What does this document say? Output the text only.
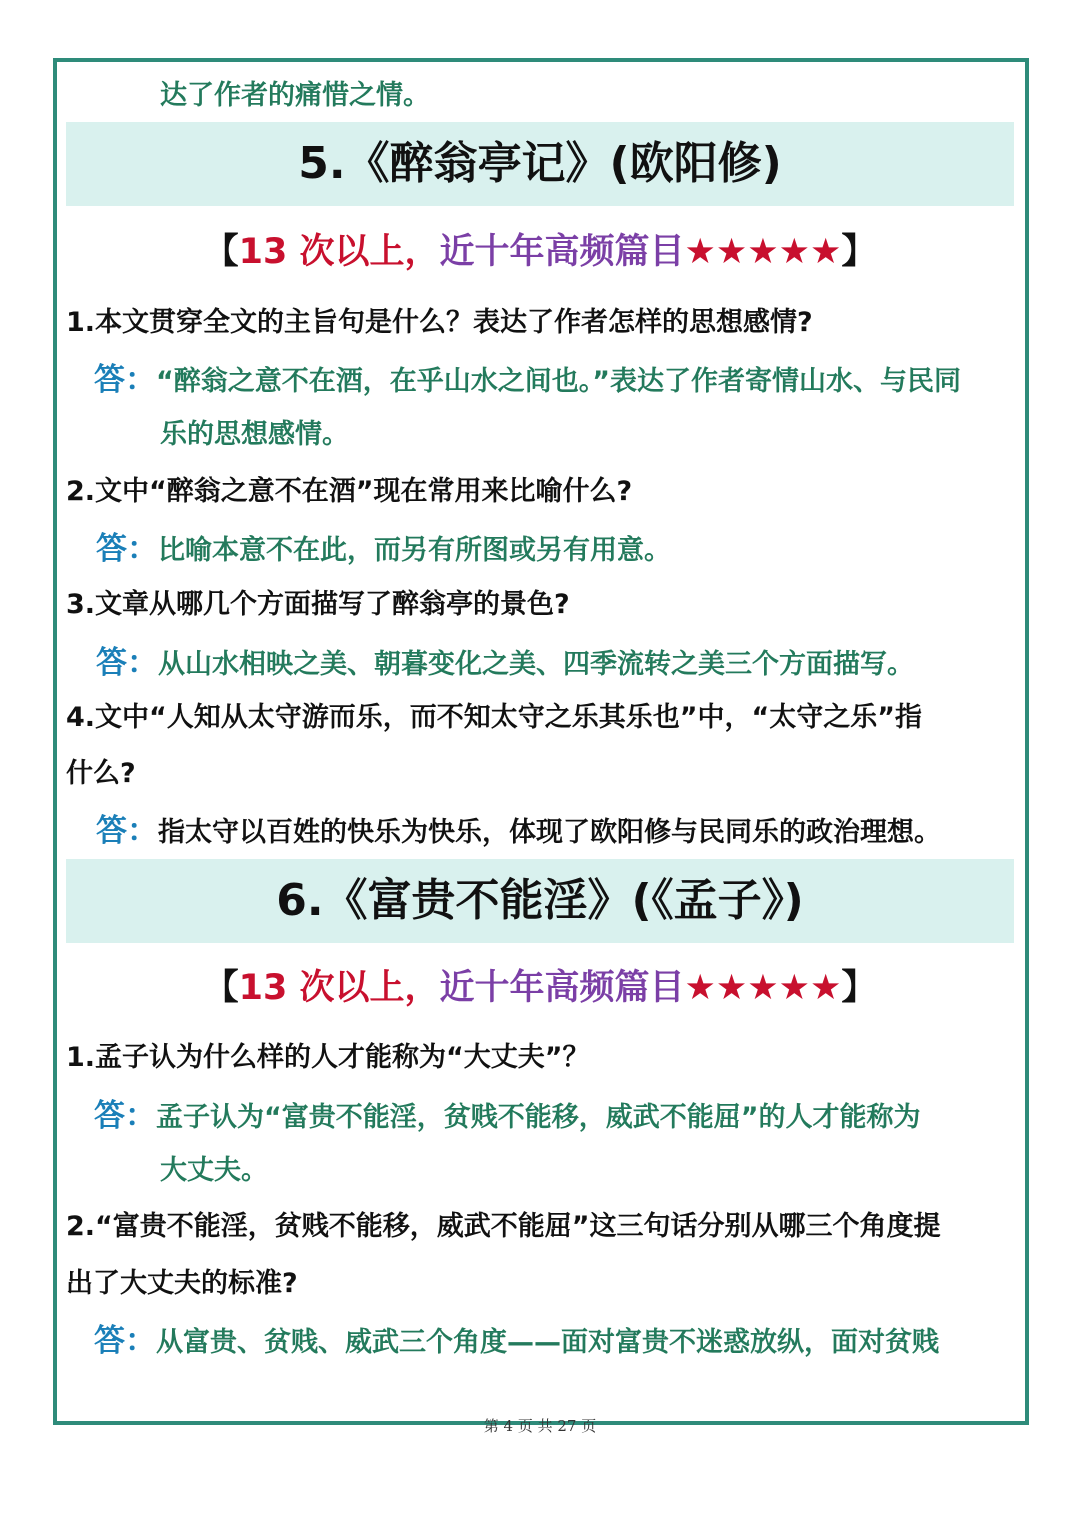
达了作者的痛惜之情。
5.《醉翁亭记》(欧阳修)
【13 次以上，近十年高频篇目★★★★★】
1.本文贯穿全文的主旨句是什么？表达了作者怎样的思想感情?
答：“醉翁之意不在酒，在乎山水之间也。”表达了作者寄情山水、与民同
乐的思想感情。
2.文中“醉翁之意不在酒”现在常用来比喻什么?
答：比喻本意不在此，而另有所图或另有用意。
3.文章从哪几个方面描写了醉翁亭的景色?
答：从山水相映之美、朝暮变化之美、四季流转之美三个方面描写。
4.文中“人知从太守游而乐，而不知太守之乐其乐也”中，“太守之乐”指
什么?
答：指太守以百姓的快乐为快乐，体现了欧阳修与民同乐的政治理想。
6.《富贵不能淫》(《孟子》)
【13 次以上，近十年高频篇目★★★★★】
1.孟子认为什么样的人才能称为“大丈夫”？
答：孟子认为“富贵不能淫，贫贱不能移，威武不能屈”的人才能称为
大丈夫。
2.“富贵不能淫，贫贱不能移，威武不能屈”这三句话分别从哪三个角度提
出了大丈夫的标准?
答：从富贵、贫贱、威武三个角度——面对富贵不迷惑放纵，面对贫贱
第 4 页 共 27 页
